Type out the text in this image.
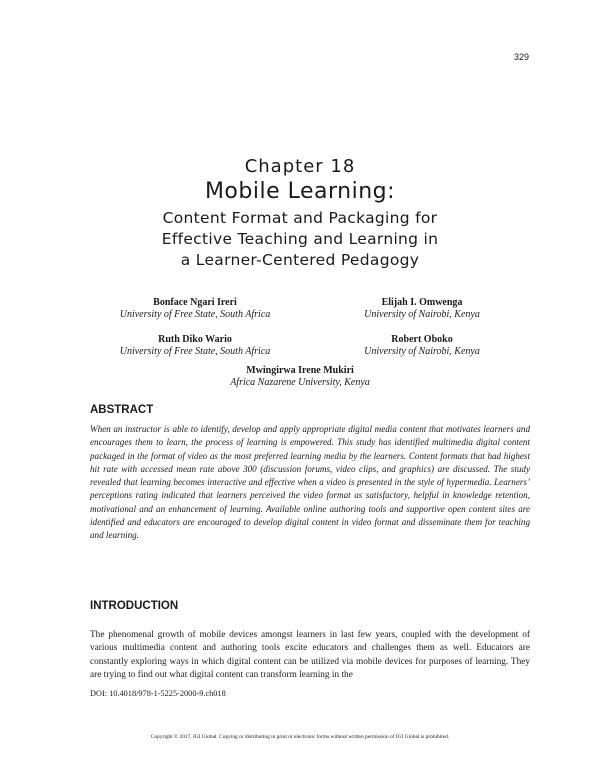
329
Chapter 18
Mobile Learning:
Content Format and Packaging for
Effective Teaching and Learning in
a Learner-Centered Pedagogy
Bonface Ngari Ireri
University of Free State, South Africa
Elijah I. Omwenga
University of Nairobi, Kenya
Ruth Diko Wario
University of Free State, South Africa
Robert Oboko
University of Nairobi, Kenya
Mwingirwa Irene Mukiri
Africa Nazarene University, Kenya
ABSTRACT
When an instructor is able to identify, develop and apply appropriate digital media content that motivates learners and encourages them to learn, the process of learning is empowered. This study has identified multimedia digital content packaged in the format of video as the most preferred learning media by the learners. Content formats that had highest hit rate with accessed mean rate above 300 (discussion forums, video clips, and graphics) are discussed. The study revealed that learning becomes interactive and effective when a video is presented in the style of hypermedia. Learners’ perceptions rating indicated that learners perceived the video format as satisfactory, helpful in knowledge retention, motivational and an enhancement of learning. Available online authoring tools and supportive open content sites are identified and educators are encouraged to develop digital content in video format and disseminate them for teaching and learning.
INTRODUCTION
The phenomenal growth of mobile devices amongst learners in last few years, coupled with the development of various multimedia content and authoring tools excite educators and challenges them as well. Educators are constantly exploring ways in which digital content can be utilized via mobile devices for purposes of learning. They are trying to find out what digital content can transform learning in the
DOI: 10.4018/978-1-5225-2000-9.ch018
Copyright © 2017, IGI Global. Copying or distributing in print or electronic forms without written permission of IGI Global is prohibited.
